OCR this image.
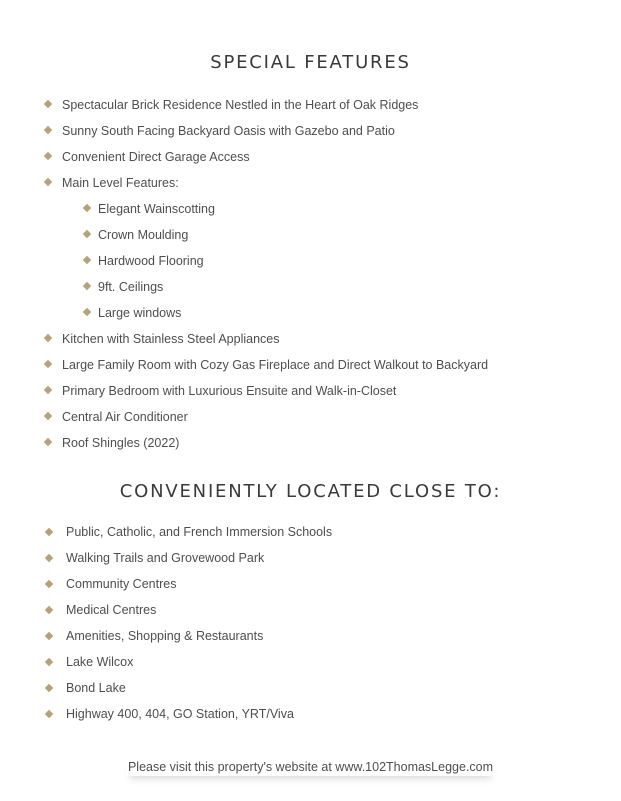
SPECIAL FEATURES
Spectacular Brick Residence Nestled in the Heart of Oak Ridges
Sunny South Facing Backyard Oasis with Gazebo and Patio
Convenient Direct Garage Access
Main Level Features:
Elegant Wainscotting
Crown Moulding
Hardwood Flooring
9ft. Ceilings
Large windows
Kitchen with Stainless Steel Appliances
Large Family Room with Cozy Gas Fireplace and Direct Walkout to Backyard
Primary Bedroom with Luxurious Ensuite and Walk-in-Closet
Central Air Conditioner
Roof Shingles (2022)
CONVENIENTLY LOCATED CLOSE TO:
Public, Catholic, and French Immersion Schools
Walking Trails and Grovewood Park
Community Centres
Medical Centres
Amenities, Shopping & Restaurants
Lake Wilcox
Bond Lake
Highway 400, 404, GO Station, YRT/Viva
Please visit this property's website at www.102ThomasLegge.com
